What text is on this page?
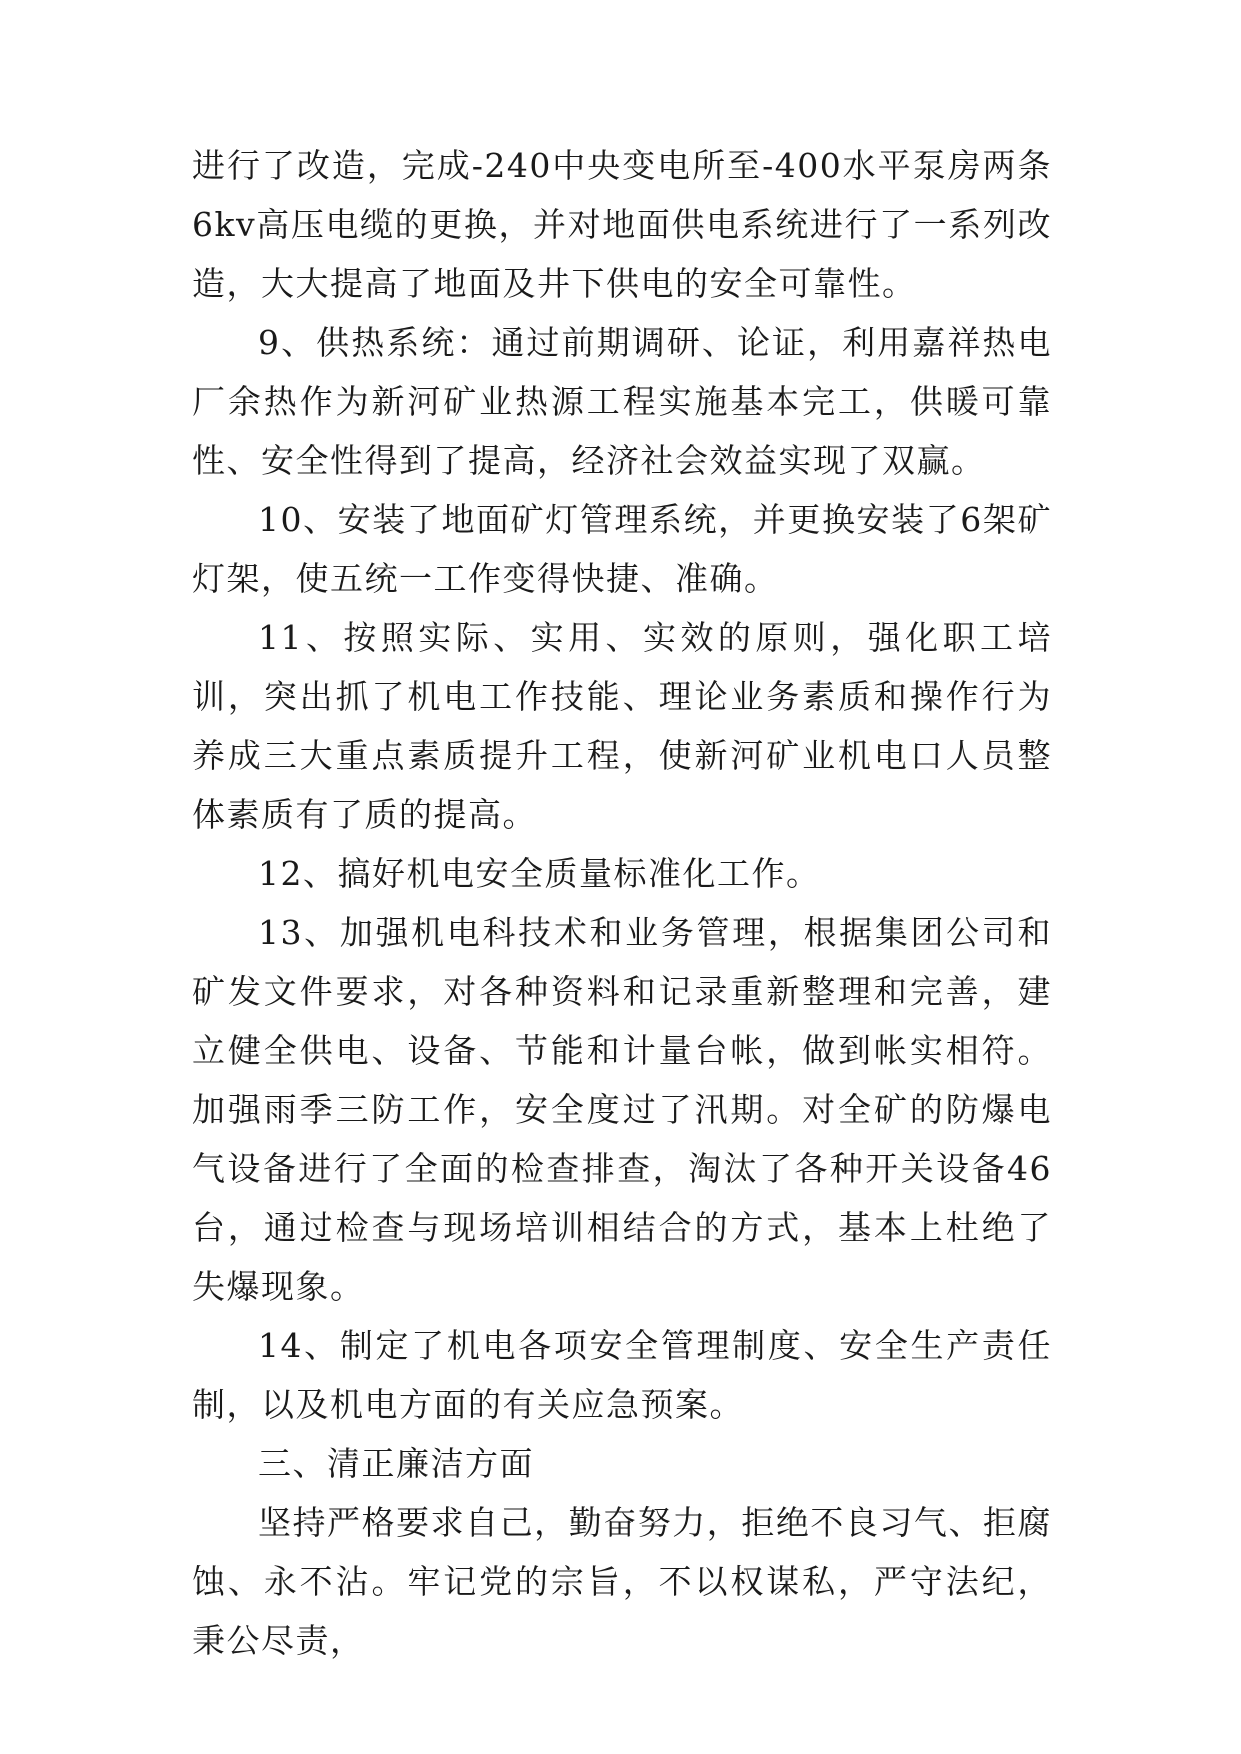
进行了改造，完成-240中央变电所至-400水平泵房两条6kv高压电缆的更换，并对地面供电系统进行了一系列改造，大大提高了地面及井下供电的安全可靠性。

9、供热系统：通过前期调研、论证，利用嘉祥热电厂余热作为新河矿业热源工程实施基本完工，供暖可靠性、安全性得到了提高，经济社会效益实现了双赢。

10、安装了地面矿灯管理系统，并更换安装了6架矿灯架，使五统一工作变得快捷、准确。

11、按照实际、实用、实效的原则，强化职工培训，突出抓了机电工作技能、理论业务素质和操作行为养成三大重点素质提升工程，使新河矿业机电口人员整体素质有了质的提高。

12、搞好机电安全质量标准化工作。

13、加强机电科技术和业务管理，根据集团公司和矿发文件要求，对各种资料和记录重新整理和完善，建立健全供电、设备、节能和计量台帐，做到帐实相符。加强雨季三防工作，安全度过了汛期。对全矿的防爆电气设备进行了全面的检查排查，淘汰了各种开关设备46台，通过检查与现场培训相结合的方式，基本上杜绝了失爆现象。

14、制定了机电各项安全管理制度、安全生产责任制，以及机电方面的有关应急预案。

三、清正廉洁方面

坚持严格要求自己，勤奋努力，拒绝不良习气、拒腐蚀、永不沾。牢记党的宗旨，不以权谋私，严守法纪，秉公尽责，
